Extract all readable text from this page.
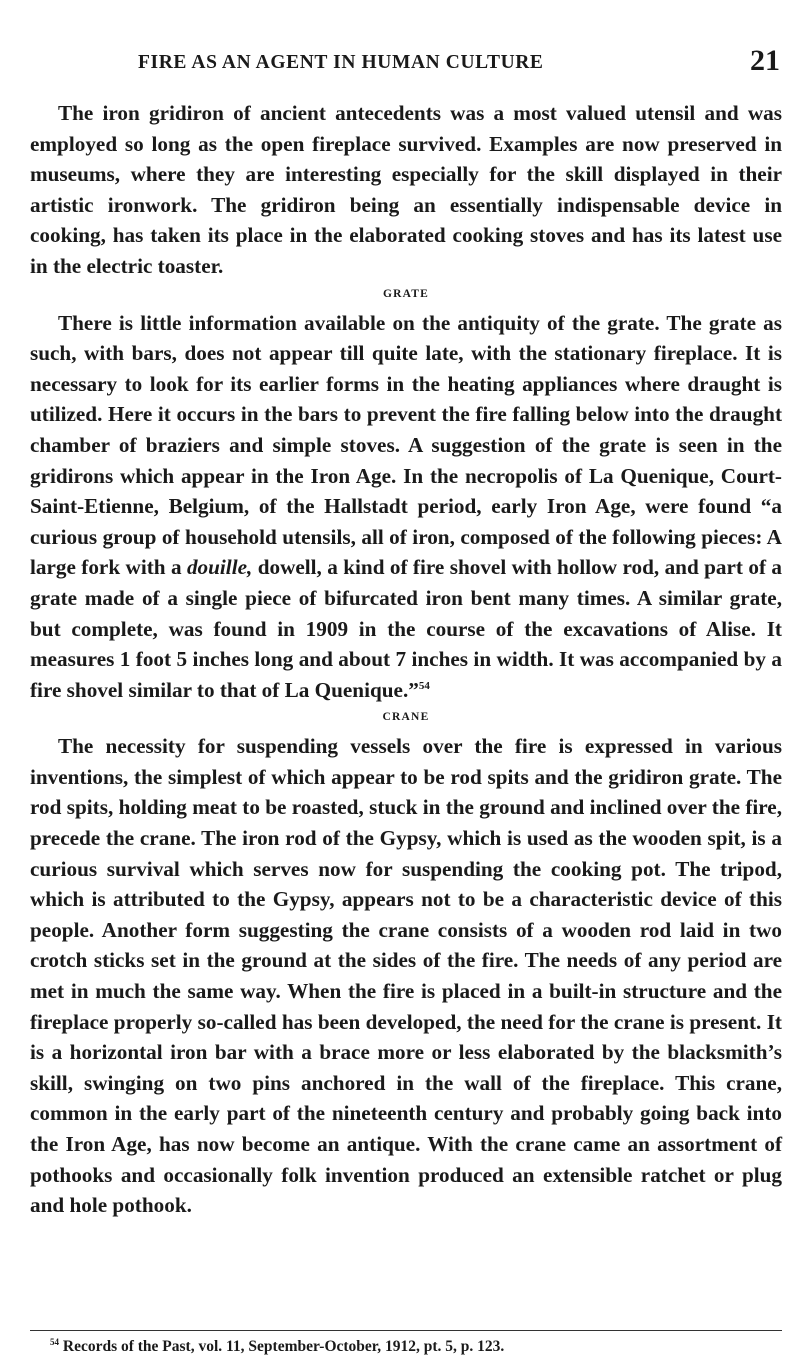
FIRE AS AN AGENT IN HUMAN CULTURE	21

The iron gridiron of ancient antecedents was a most valued utensil and was employed so long as the open fireplace survived. Examples are now preserved in museums, where they are interesting especially for the skill displayed in their artistic ironwork. The gridiron being an essentially indispensable device in cooking, has taken its place in the elaborated cooking stoves and has its latest use in the electric toaster.

GRATE

There is little information available on the antiquity of the grate. The grate as such, with bars, does not appear till quite late, with the stationary fireplace. It is necessary to look for its earlier forms in the heating appliances where draught is utilized. Here it occurs in the bars to prevent the fire falling below into the draught chamber of braziers and simple stoves. A suggestion of the grate is seen in the gridirons which appear in the Iron Age. In the necropolis of La Quenique, Court-Saint-Etienne, Belgium, of the Hallstadt period, early Iron Age, were found “a curious group of household utensils, all of iron, composed of the following pieces: A large fork with a douille, dowell, a kind of fire shovel with hollow rod, and part of a grate made of a single piece of bifurcated iron bent many times. A similar grate, but complete, was found in 1909 in the course of the excavations of Alise. It measures 1 foot 5 inches long and about 7 inches in width. It was accompanied by a fire shovel similar to that of La Quenique.”$^{54}$

CRANE

The necessity for suspending vessels over the fire is expressed in various inventions, the simplest of which appear to be rod spits and the gridiron grate. The rod spits, holding meat to be roasted, stuck in the ground and inclined over the fire, precede the crane. The iron rod of the Gypsy, which is used as the wooden spit, is a curious survival which serves now for suspending the cooking pot. The tripod, which is attributed to the Gypsy, appears not to be a characteristic device of this people. Another form suggesting the crane consists of a wooden rod laid in two crotch sticks set in the ground at the sides of the fire. The needs of any period are met in much the same way. When the fire is placed in a built-in structure and the fireplace properly so-called has been developed, the need for the crane is present. It is a horizontal iron bar with a brace more or less elaborated by the blacksmith’s skill, swinging on two pins anchored in the wall of the fireplace. This crane, common in the early part of the nineteenth century and probably going back into the Iron Age, has now become an antique. With the crane came an assortment of pothooks and occasionally folk invention produced an extensible ratchet or plug and hole pothook.

$^{54}$ Records of the Past, vol. 11, September-October, 1912, pt. 5, p. 123.
